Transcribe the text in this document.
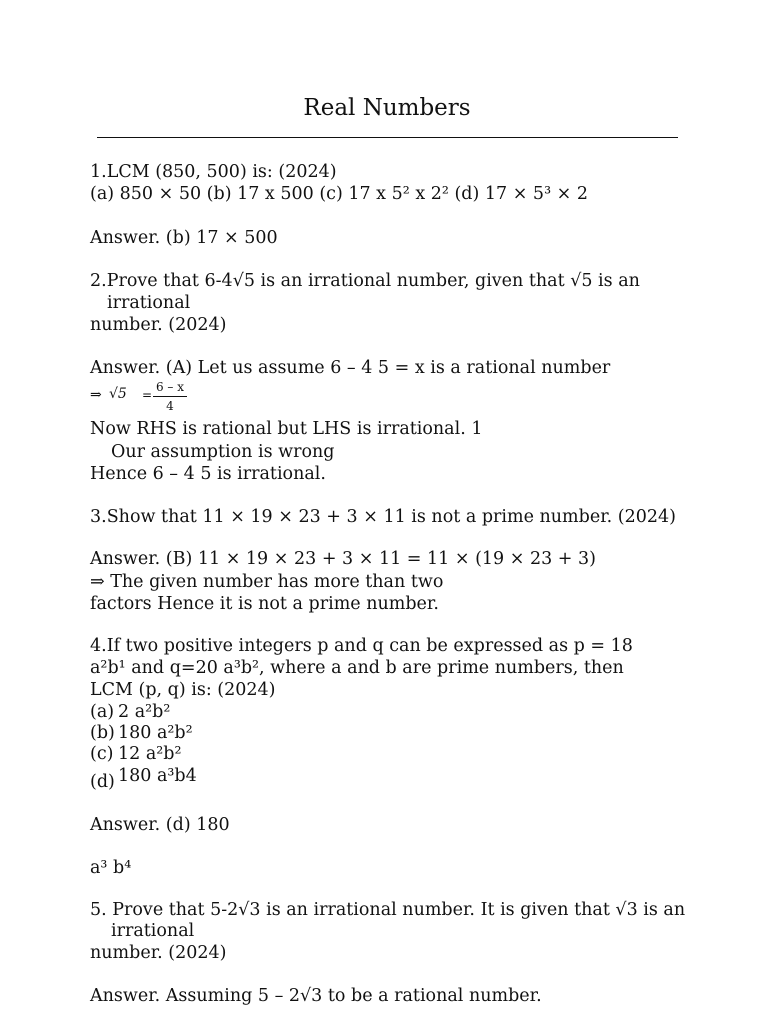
Real Numbers
1.LCM (850, 500) is: (2024)
(a) 850 × 50 (b) 17 x 500 (c) 17 x 5² x 2² (d) 17 × 5³ × 2
Answer. (b) 17 × 500
2.Prove that 6-4√5 is an irrational number, given that √5 is an
irrational
number. (2024)
Answer. (A) Let us assume 6 – 4 5 = x is a rational number
⇒ √5 =
6 – x
4
Now RHS is rational but LHS is irrational. 1
Our assumption is wrong
Hence 6 – 4 5 is irrational.
3.Show that 11 × 19 × 23 + 3 × 11 is not a prime number. (2024)
Answer. (B) 11 × 19 × 23 + 3 × 11 = 11 × (19 × 23 + 3)
⇒ The given number has more than two
factors Hence it is not a prime number.
4.If two positive integers p and q can be expressed as p = 18
a²b¹ and q=20 a³b², where a and b are prime numbers, then
LCM (p, q) is: (2024)
(a) 2 a²b²
(b) 180 a²b²
(c) 12 a²b²
(d) 180 a³b4
Answer. (d) 180
a³ b⁴
5. Prove that 5-2√3 is an irrational number. It is given that √3 is an
irrational
number. (2024)
Answer. Assuming 5 – 2√3 to be a rational number.
